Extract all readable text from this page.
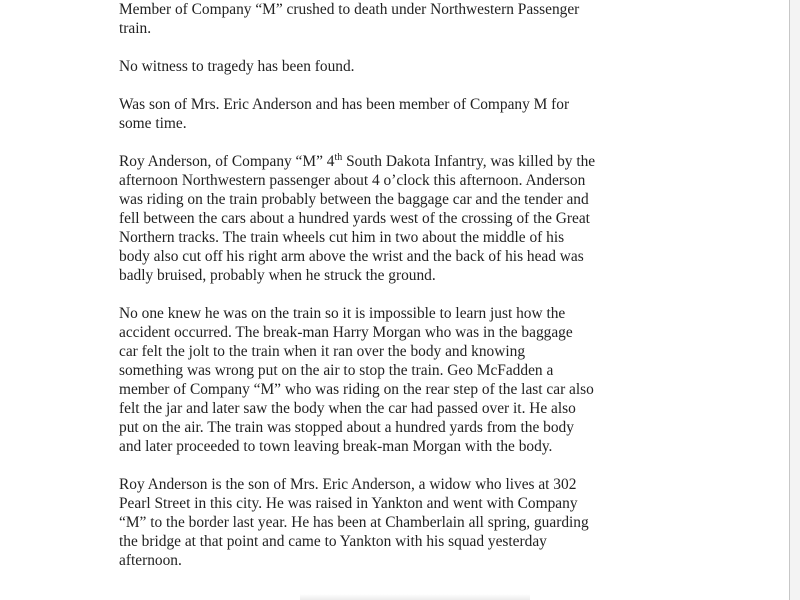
Member of Company “M” crushed to death under Northwestern Passenger
train.
No witness to tragedy has been found.
Was son of Mrs. Eric Anderson and has been member of Company M for
some time.
Roy Anderson, of Company “M” 4th South Dakota Infantry, was killed by the
afternoon Northwestern passenger about 4 o’clock this afternoon. Anderson
was riding on the train probably between the baggage car and the tender and
fell between the cars about a hundred yards west of the crossing of the Great
Northern tracks. The train wheels cut him in two about the middle of his
body also cut off his right arm above the wrist and the back of his head was
badly bruised, probably when he struck the ground.
No one knew he was on the train so it is impossible to learn just how the
accident occurred. The break-man Harry Morgan who was in the baggage
car felt the jolt to the train when it ran over the body and knowing
something was wrong put on the air to stop the train. Geo McFadden a
member of Company “M” who was riding on the rear step of the last car also
felt the jar and later saw the body when the car had passed over it. He also
put on the air. The train was stopped about a hundred yards from the body
and later proceeded to town leaving break-man Morgan with the body.
Roy Anderson is the son of Mrs. Eric Anderson, a widow who lives at 302
Pearl Street in this city. He was raised in Yankton and went with Company
“M” to the border last year. He has been at Chamberlain all spring, guarding
the bridge at that point and came to Yankton with his squad yesterday
afternoon.
